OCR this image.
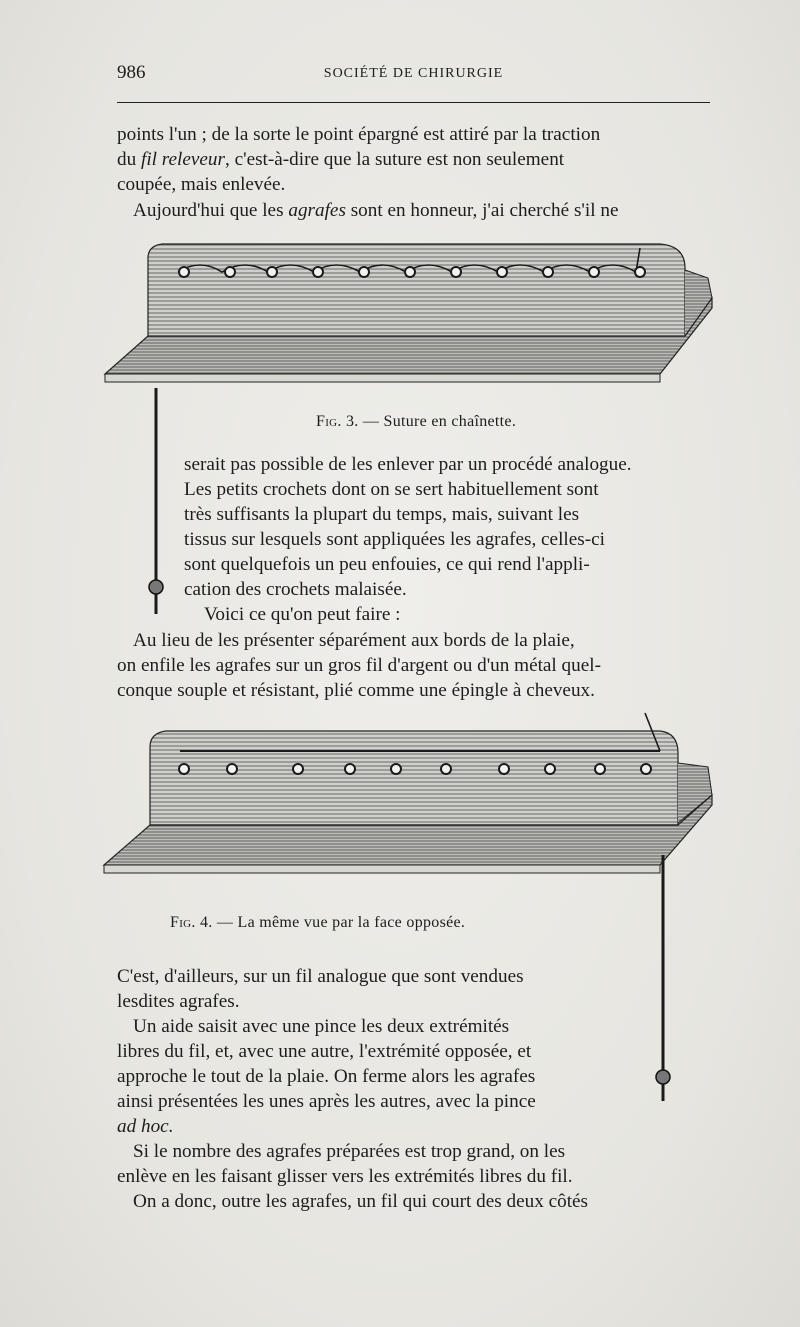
986	SOCIÉTÉ DE CHIRURGIE

points l'un ; de la sorte le point épargné est attiré par la traction

du fil releveur, c'est-à-dire que la suture est non seulement

coupée, mais enlevée.

Aujourd'hui que les agrafes sont en honneur, j'ai cherché s'il ne

Fig. 3. — Suture en chaînette.

serait pas possible de les enlever par un procédé analogue.

Les petits crochets dont on se sert habituellement sont

très suffisants la plupart du temps, mais, suivant les

tissus sur lesquels sont appliquées les agrafes, celles-ci

sont quelquefois un peu enfouies, ce qui rend l'appli-

cation des crochets malaisée.

Voici ce qu'on peut faire :

Au lieu de les présenter séparément aux bords de la plaie,

on enfile les agrafes sur un gros fil d'argent ou d'un métal quel-

conque souple et résistant, plié comme une épingle à cheveux.

Fig. 4. — La même vue par la face opposée.

C'est, d'ailleurs, sur un fil analogue que sont vendues

lesdites agrafes.

Un aide saisit avec une pince les deux extrémités

libres du fil, et, avec une autre, l'extrémité opposée, et

approche le tout de la plaie. On ferme alors les agrafes

ainsi présentées les unes après les autres, avec la pince

ad hoc.

Si le nombre des agrafes préparées est trop grand, on les

enlève en les faisant glisser vers les extrémités libres du fil.

On a donc, outre les agrafes, un fil qui court des deux côtés
